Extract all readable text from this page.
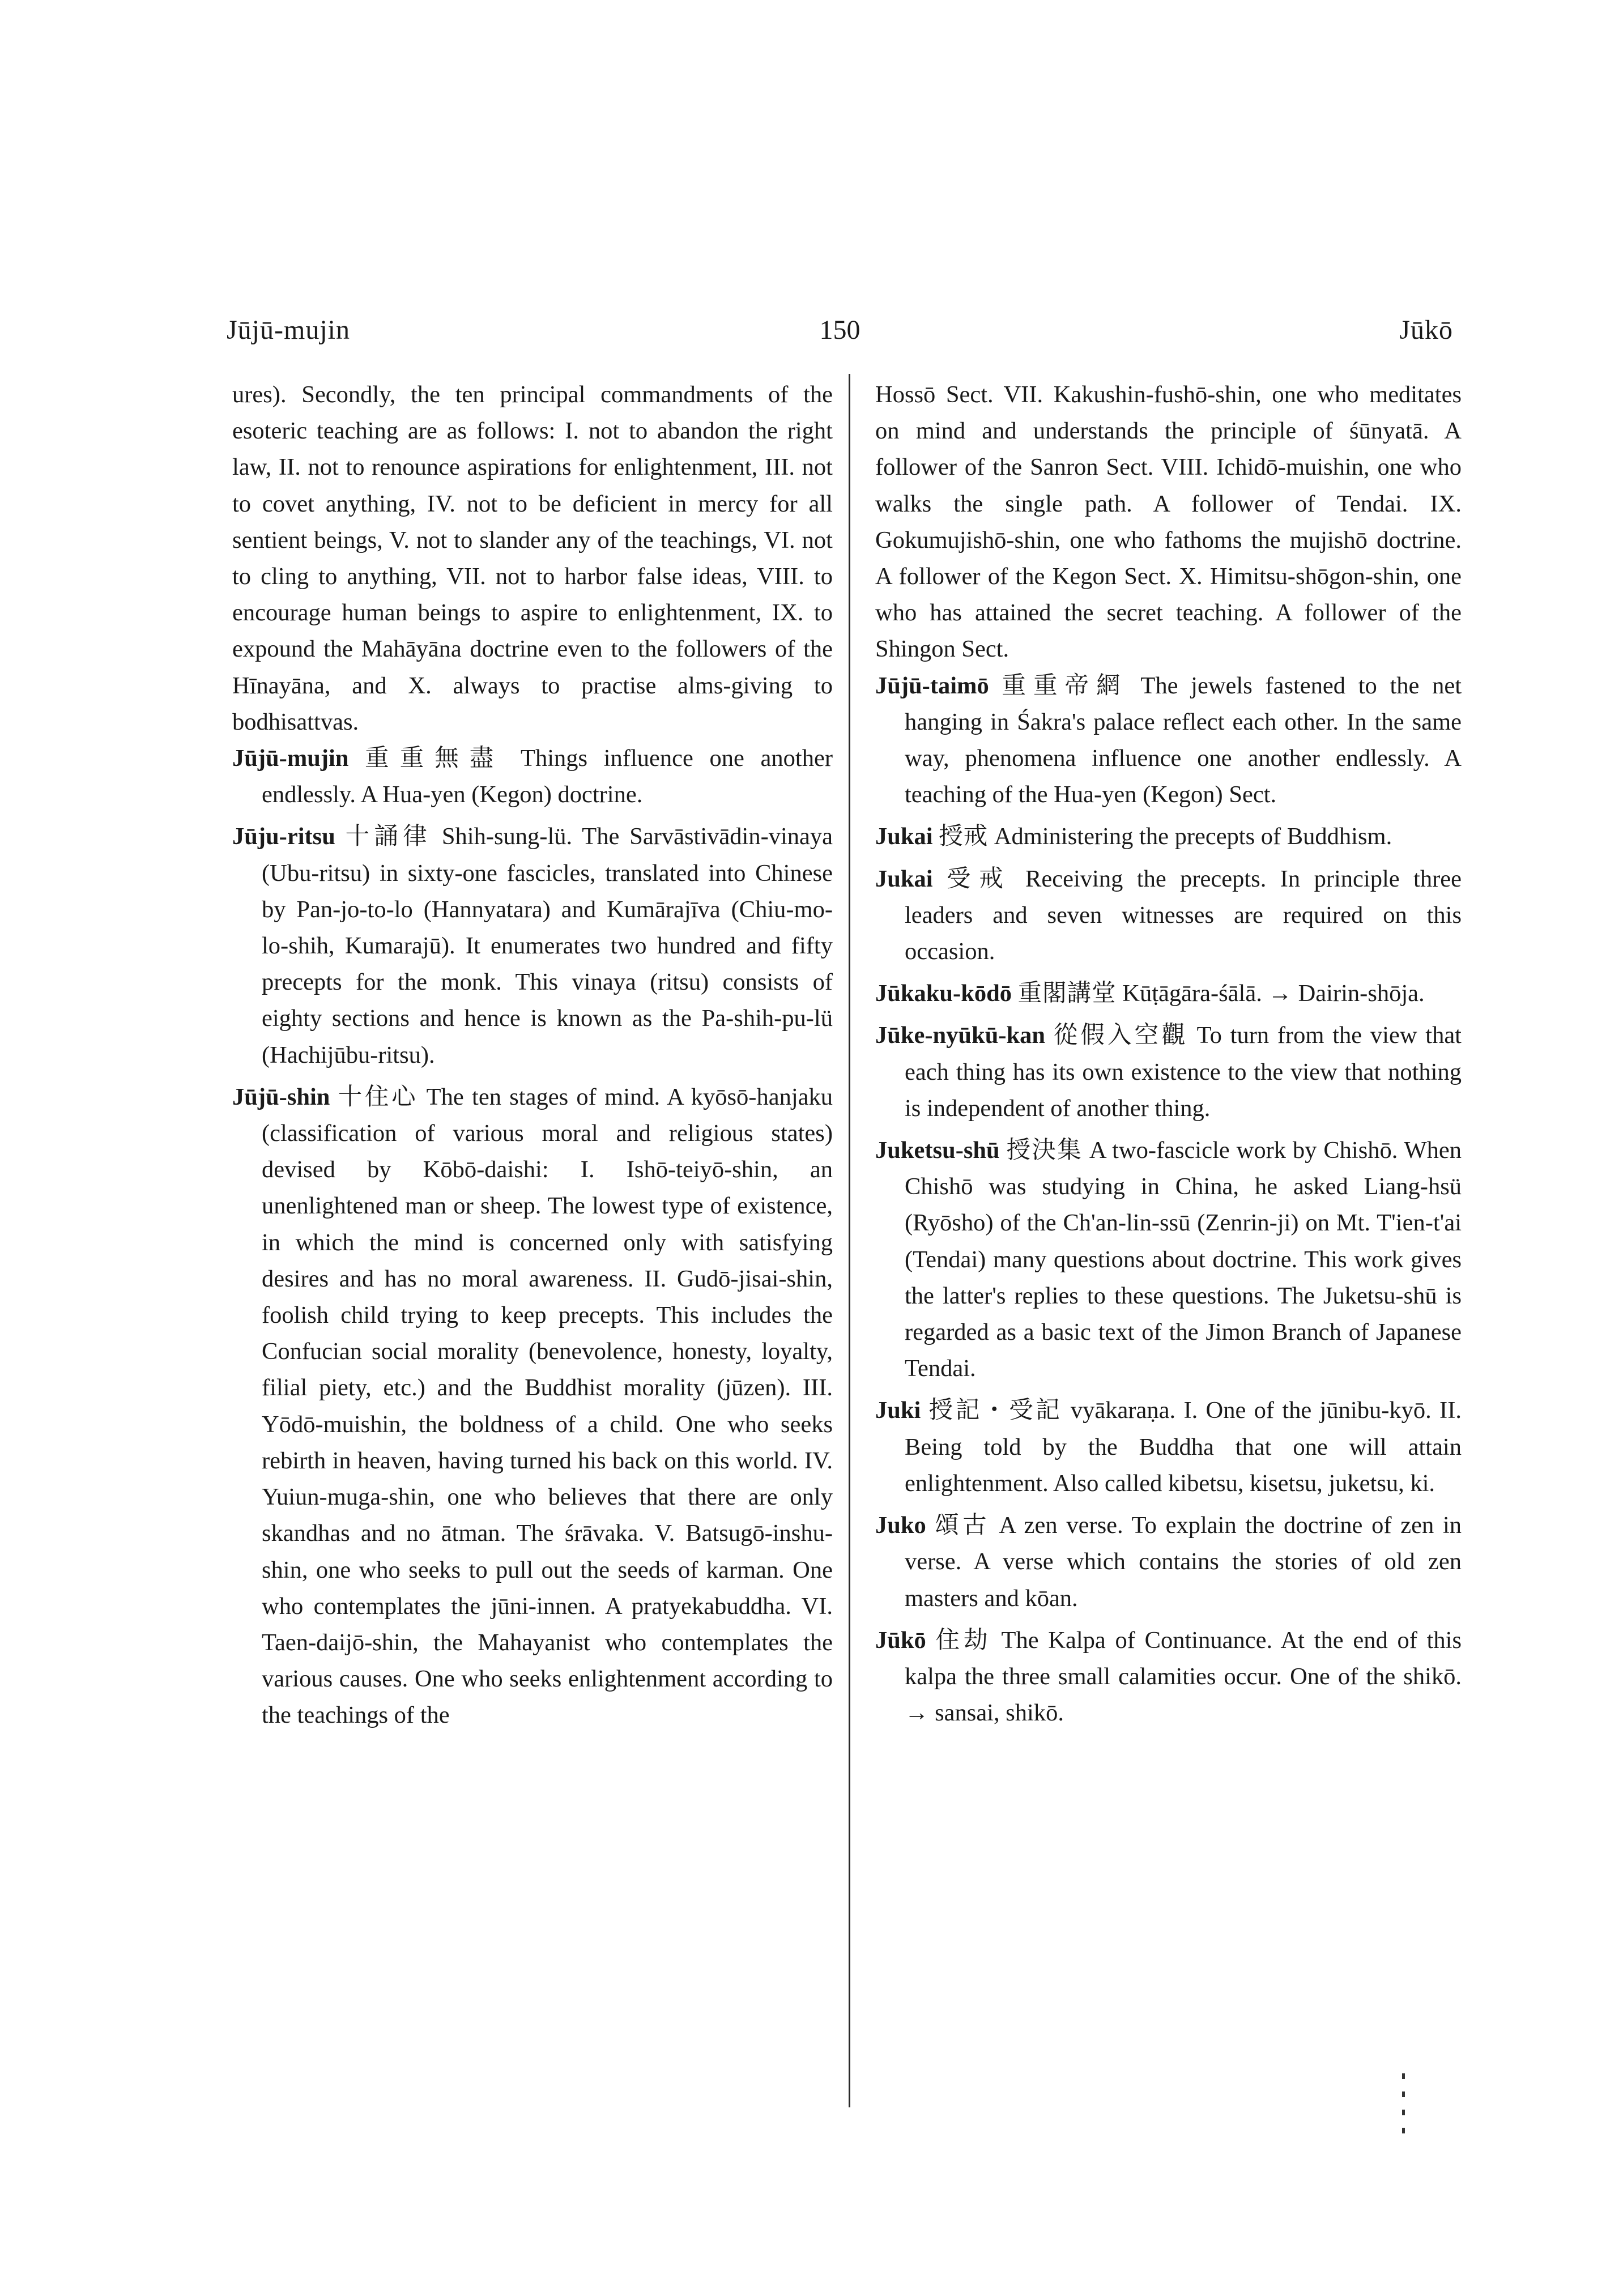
Jūjū-mujin	150	Jūkō

ures). Secondly, the ten principal commandments of the esoteric teaching are as follows: I. not to abandon the right law, II. not to renounce aspirations for enlightenment, III. not to covet anything, IV. not to be deficient in mercy for all sentient beings, V. not to slander any of the teachings, VI. not to cling to anything, VII. not to harbor false ideas, VIII. to encourage human beings to aspire to enlightenment, IX. to expound the Mahāyāna doctrine even to the followers of the Hīnayāna, and X. always to practise alms-giving to bodhisattvas.

Jūjū-mujin 重重無盡 Things influence one another endlessly. A Hua-yen (Kegon) doctrine.

Jūju-ritsu 十誦律 Shih-sung-lü. The Sarvāstivādin-vinaya (Ubu-ritsu) in sixty-one fascicles, translated into Chinese by Pan-jo-to-lo (Hannyatara) and Kumārajīva (Chiu-mo-lo-shih, Kumarajū). It enumerates two hundred and fifty precepts for the monk. This vinaya (ritsu) consists of eighty sections and hence is known as the Pa-shih-pu-lü (Hachijūbu-ritsu).

Jūjū-shin 十住心 The ten stages of mind. A kyōsō-hanjaku (classification of various moral and religious states) devised by Kōbō-daishi: I. Ishō-teiyō-shin, an unenlightened man or sheep. The lowest type of existence, in which the mind is concerned only with satisfying desires and has no moral awareness. II. Gudō-jisai-shin, foolish child trying to keep precepts. This includes the Confucian social morality (benevolence, honesty, loyalty, filial piety, etc.) and the Buddhist morality (jūzen). III. Yōdō-muishin, the boldness of a child. One who seeks rebirth in heaven, having turned his back on this world. IV. Yuiun-muga-shin, one who believes that there are only skandhas and no ātman. The śrāvaka. V. Batsugō-inshu-shin, one who seeks to pull out the seeds of karman. One who contemplates the jūni-innen. A pratyekabuddha. VI. Taen-daijō-shin, the Mahayanist who contemplates the various causes. One who seeks enlightenment according to the teachings of the

Hossō Sect. VII. Kakushin-fushō-shin, one who meditates on mind and understands the principle of śūnyatā. A follower of the Sanron Sect. VIII. Ichidō-muishin, one who walks the single path. A follower of Tendai. IX. Gokumujishō-shin, one who fathoms the mujishō doctrine. A follower of the Kegon Sect. X. Himitsu-shōgon-shin, one who has attained the secret teaching. A follower of the Shingon Sect.

Jūjū-taimō 重重帝網 The jewels fastened to the net hanging in Śakra's palace reflect each other. In the same way, phenomena influence one another endlessly. A teaching of the Hua-yen (Kegon) Sect.

Jukai 授戒 Administering the precepts of Buddhism.

Jukai 受戒 Receiving the precepts. In principle three leaders and seven witnesses are required on this occasion.

Jūkaku-kōdō 重閣講堂 Kūṭāgāra-śālā. → Dairin-shōja.

Jūke-nyūkū-kan 從假入空觀 To turn from the view that each thing has its own existence to the view that nothing is independent of another thing.

Juketsu-shū 授決集 A two-fascicle work by Chishō. When Chishō was studying in China, he asked Liang-hsü (Ryōsho) of the Ch'an-lin-ssū (Zenrin-ji) on Mt. T'ien-t'ai (Tendai) many questions about doctrine. This work gives the latter's replies to these questions. The Juketsu-shū is regarded as a basic text of the Jimon Branch of Japanese Tendai.

Juki 授記・受記 vyākaraṇa. I. One of the jūnibu-kyō. II. Being told by the Buddha that one will attain enlightenment. Also called kibetsu, kisetsu, juketsu, ki.

Juko 頌古 A zen verse. To explain the doctrine of zen in verse. A verse which contains the stories of old zen masters and kōan.

Jūkō 住劫 The Kalpa of Continuance. At the end of this kalpa the three small calamities occur. One of the shikō. → sansai, shikō.
